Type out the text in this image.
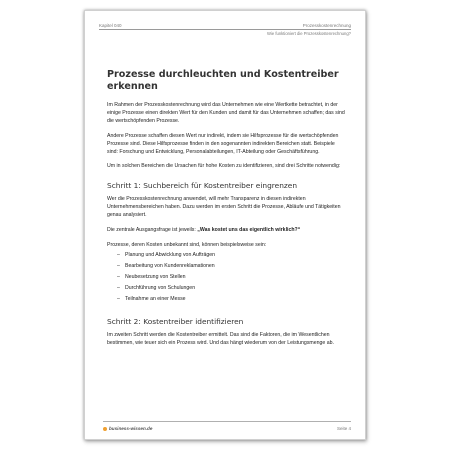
Kapitel 040	Prozesskostenrechnung
Wie funktioniert die Prozesskostenrechnung?
Prozesse durchleuchten und Kostentreiber erkennen

Im Rahmen der Prozesskostenrechnung wird das Unternehmen wie eine Wertkette betrachtet, in der einige Prozesse einen direkten Wert für den Kunden und damit für das Unternehmen schaffen; das sind die wertschöpfenden Prozesse.

Andere Prozesse schaffen diesen Wert nur indirekt, indem sie Hilfsprozesse für die wertschöpfenden Prozesse sind. Diese Hilfsprozesse finden in den sogenannten indirekten Bereichen statt. Beispiele sind: Forschung und Entwicklung, Personalabteilungen, IT-Abteilung oder Geschäftsführung.

Um in solchen Bereichen die Ursachen für hohe Kosten zu identifizieren, sind drei Schritte notwendig:

Schritt 1: Suchbereich für Kostentreiber eingrenzen

Wer die Prozesskostenrechnung anwendet, will mehr Transparenz in diesen indirekten Unternehmensbereichen haben. Dazu werden im ersten Schritt die Prozesse, Abläufe und Tätigkeiten genau analysiert.

Die zentrale Ausgangsfrage ist jeweils: „Was kostet uns das eigentlich wirklich?“

Prozesse, deren Kosten unbekannt sind, können beispielsweise sein:

– Planung und Abwicklung von Aufträgen
– Bearbeitung von Kundenreklamationen
– Neubesetzung von Stellen
– Durchführung von Schulungen
– Teilnahme an einer Messe
Schritt 2: Kostentreiber identifizieren

Im zweiten Schritt werden die Kostentreiber ermittelt. Das sind die Faktoren, die im Wesentlichen bestimmen, wie teuer sich ein Prozess wird. Und das hängt wiederum von der Leistungsmenge ab.

business-wissen.de	Seite 4
